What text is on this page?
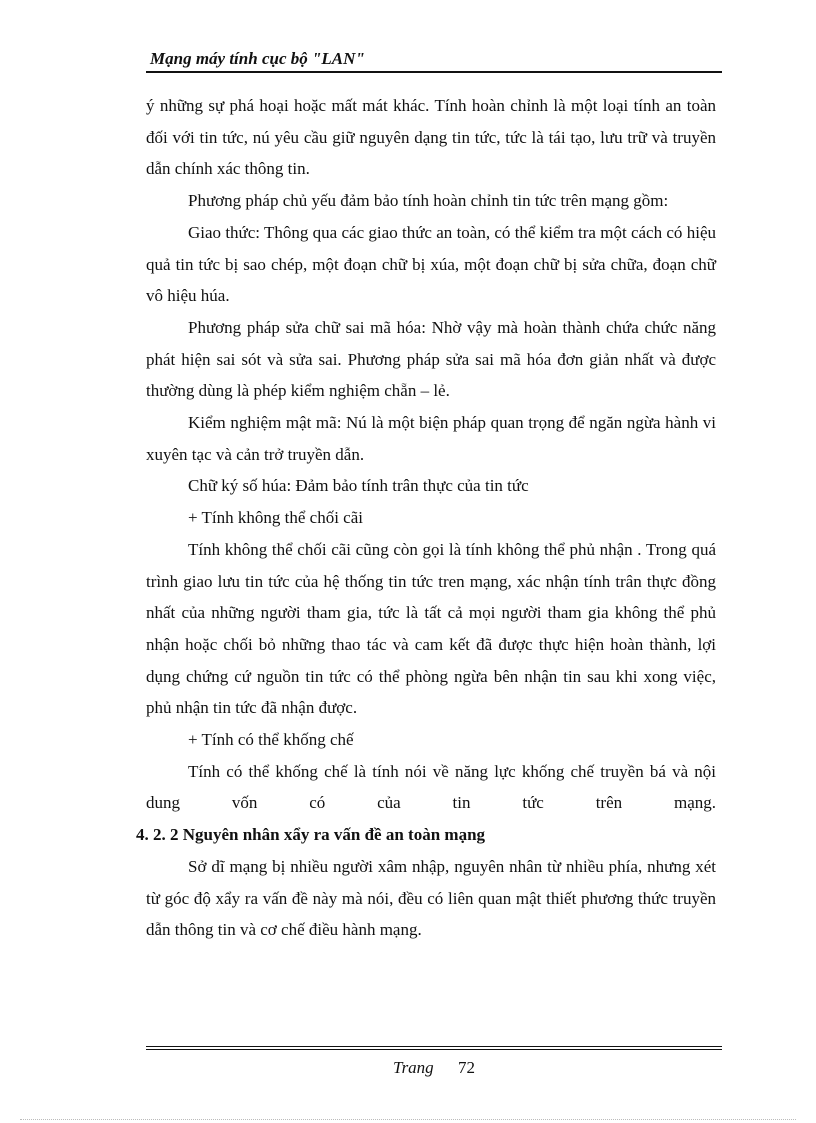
Mạng máy tính cục bộ "LAN"

ý những sự phá hoại hoặc mất mát khác. Tính hoàn chỉnh là một loại tính an toàn đối với tin tức, nú yêu cầu giữ nguyên dạng tin tức, tức là tái tạo, lưu trữ và truyền dẫn chính xác thông tin.

Phương pháp chủ yếu đảm bảo tính hoàn chỉnh tin tức trên mạng gồm:

Giao thức: Thông qua các giao thức an toàn, có thể kiểm tra một cách có hiệu quả tin tức bị sao chép, một đoạn chữ bị xúa, một đoạn chữ bị sửa chữa, đoạn chữ vô hiệu húa.

Phương pháp sửa chữ sai mã hóa: Nhờ vậy mà hoàn thành chứa chức năng phát hiện sai sót và sửa sai. Phương pháp sửa sai mã hóa đơn giản nhất và được thường dùng là phép kiểm nghiệm chẵn – lẻ.

Kiểm nghiệm mật mã: Nú là một biện pháp quan trọng để ngăn ngừa hành vi xuyên tạc và cản trở truyền dẫn.

Chữ ký số húa: Đảm bảo tính trân thực của tin tức

+ Tính không thể chối cãi

Tính không thể chối cãi cũng còn gọi là tính không thể phủ nhận . Trong quá trình giao lưu tin tức của hệ thống tin tức tren mạng, xác nhận tính trân thực đồng nhất của những người tham gia, tức là tất cả mọi người tham gia không thể phủ nhận hoặc chối bỏ những thao tác và cam kết đã được thực hiện hoàn thành, lợi dụng chứng cứ nguồn tin tức có thể phòng ngừa bên nhận tin sau khi xong việc, phủ nhận tin tức đã nhận được.

+ Tính có thể khống chế

Tính có thể khống chế là tính nói về năng lực khống chế truyền bá và nội dung vốn có của tin tức trên mạng.

4. 2. 2 Nguyên nhân xẩy ra vấn đề an toàn mạng

Sở dĩ mạng bị nhiều người xâm nhập, nguyên nhân từ nhiều phía, nhưng xét từ góc độ xẩy ra vấn đề này mà nói, đều có liên quan mật thiết phương thức truyền dẫn thông tin và cơ chế điều hành mạng.

Trang 72
